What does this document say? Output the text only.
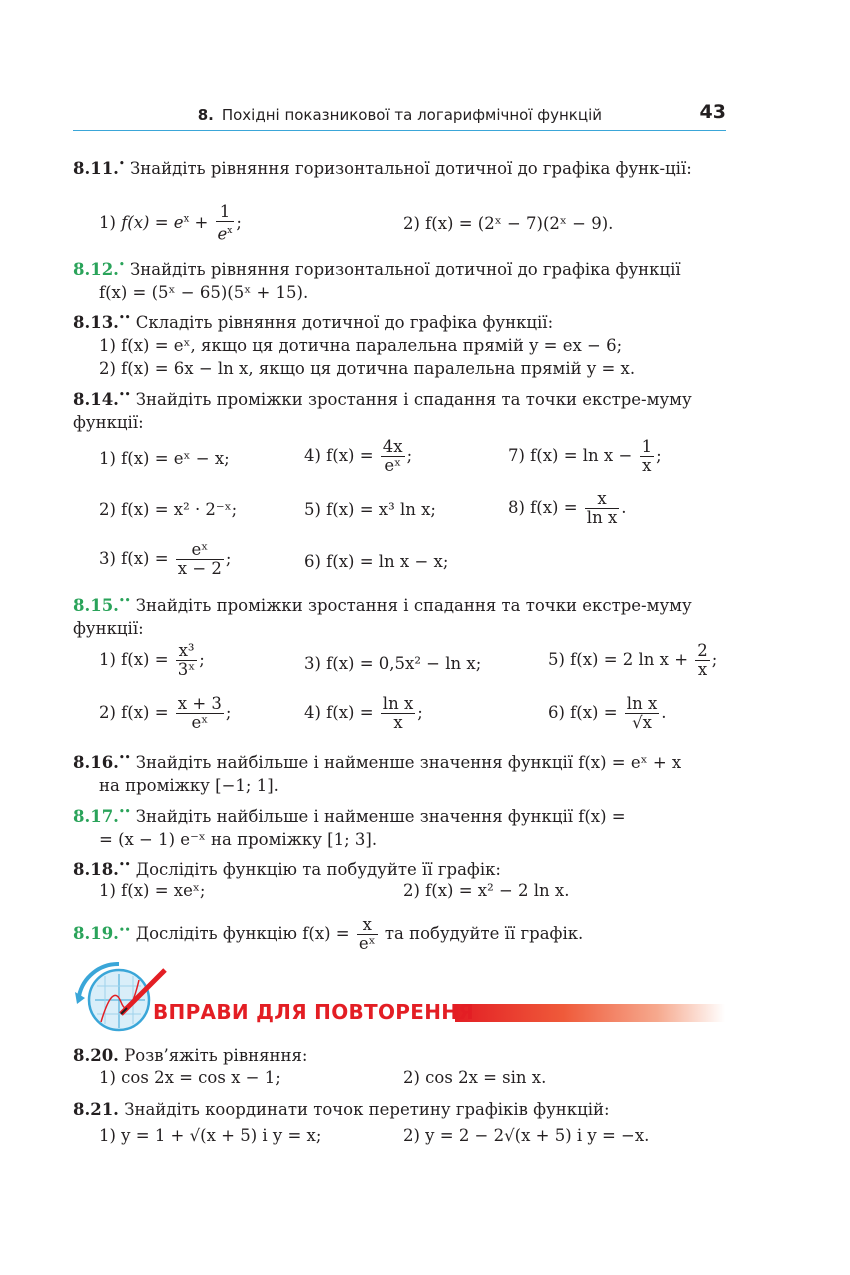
8. Похідні показникової та логарифмічної функцій	43
8.11.• Знайдіть рівняння горизонтальної дотичної до графіка функ-ції:
1) $f(x) = e^x + \frac{1}{e^x}$ ;	2) f(x) = (2ˣ − 7)(2ˣ − 9).
8.12.• Знайдіть рівняння горизонтальної дотичної до графіка функції
f(x) = (5ˣ − 65)(5ˣ + 15).
8.13.•• Складіть рівняння дотичної до графіка функції:
1) f(x) = eˣ, якщо ця дотична паралельна прямій y = ex − 6;
2) f(x) = 6x − ln x, якщо ця дотична паралельна прямій y = x.
8.14.•• Знайдіть проміжки зростання і спадання та точки екстре-муму функції:
1) f(x) = eˣ − x;	4) $f(x) = \frac{4x}{\text{eˣ}}$ ;	7) $f(x) = \ln x - \frac{1}{x}$ ;
2) f(x) = x² · 2⁻ˣ;	5) f(x) = x³ ln x;	8) $f(x) = \frac{x}{\text{ln x}}$ .
3) $f(x) = \frac{\text{eˣ}}{x - 2}$ ;	6) f(x) = ln x − x;
8.15.•• Знайдіть проміжки зростання і спадання та точки екстре-муму функції:
1) $f(x) = \frac{\text{x³}}{\text{3ˣ}}$ ;	3) f(x) = 0,5x² − ln x;	5) f(x) = 2 $\ln x + \frac{2}{x}$ ;
2) $f(x) = \frac{x + 3}{\text{eˣ}}$ ;	4) $f(x) = \frac{\text{ln x}}{x}$ ;	6) $f(x) = \frac{\text{ln x}}{√x}$ .
8.16.•• Знайдіть найбільше і найменше значення функції f(x) = eˣ + x
на проміжку [−1; 1].
8.17.•• Знайдіть найбільше і найменше значення функції f(x) =
= (x − 1) e⁻ˣ на проміжку [1; 3].
8.18.•• Дослідіть функцію та побудуйте її графік:
1) f(x) = xeˣ;	2) f(x) = x² − 2 ln x.
8.19.•• Дослідіть функцію $f(x) = \frac{x}{\text{eˣ}}$ та побудуйте її графік.
ВПРАВИ ДЛЯ ПОВТОРЕННЯ
8.20. Розв’яжіть рівняння:
1) cos 2x = cos x − 1;	2) cos 2x = sin x.
8.21. Знайдіть координати точок перетину графіків функцій:
1) y = 1 + √(x + 5) і y = x;	2) y = 2 − 2√(x + 5) і y = −x.
